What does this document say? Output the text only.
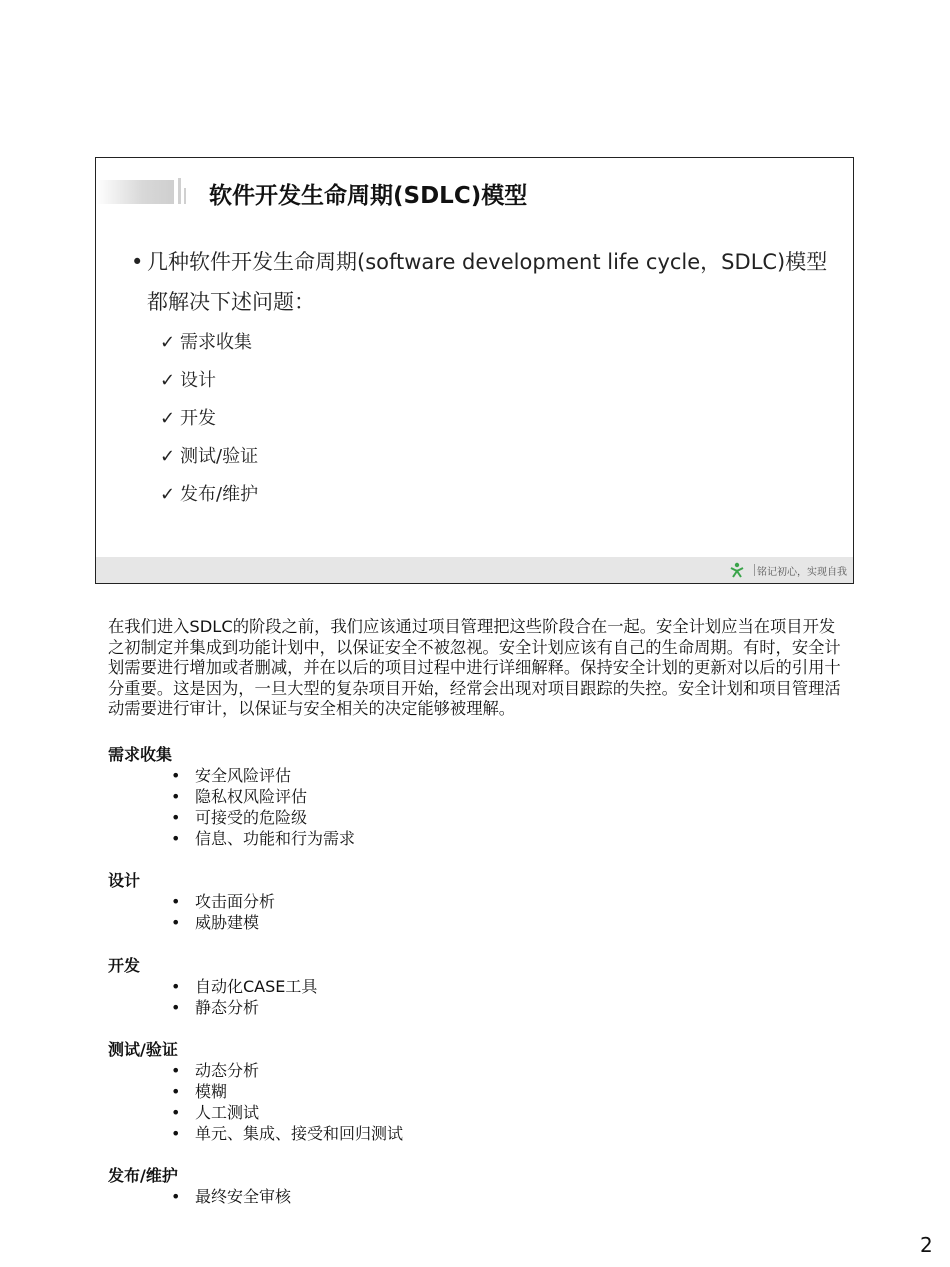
软件开发生命周期(SDLC)模型
• 几种软件开发生命周期(software development life cycle，SDLC)模型都解决下述问题：
✓ 需求收集
✓ 设计
✓ 开发
✓ 测试/验证
✓ 发布/维护
铭记初心，实现自我

在我们进入SDLC的阶段之前，我们应该通过项目管理把这些阶段合在一起。安全计划应当在项目开发之初制定并集成到功能计划中，以保证安全不被忽视。安全计划应该有自己的生命周期。有时，安全计划需要进行增加或者删减，并在以后的项目过程中进行详细解释。保持安全计划的更新对以后的引用十分重要。这是因为，一旦大型的复杂项目开始，经常会出现对项目跟踪的失控。安全计划和项目管理活动需要进行审计，以保证与安全相关的决定能够被理解。

需求收集

• 安全风险评估
• 隐私权风险评估
• 可接受的危险级
• 信息、功能和行为需求

设计

• 攻击面分析
• 威胁建模

开发

• 自动化CASE工具
• 静态分析

测试/验证

• 动态分析
• 模糊
• 人工测试
• 单元、集成、接受和回归测试

发布/维护

• 最终安全审核
2
